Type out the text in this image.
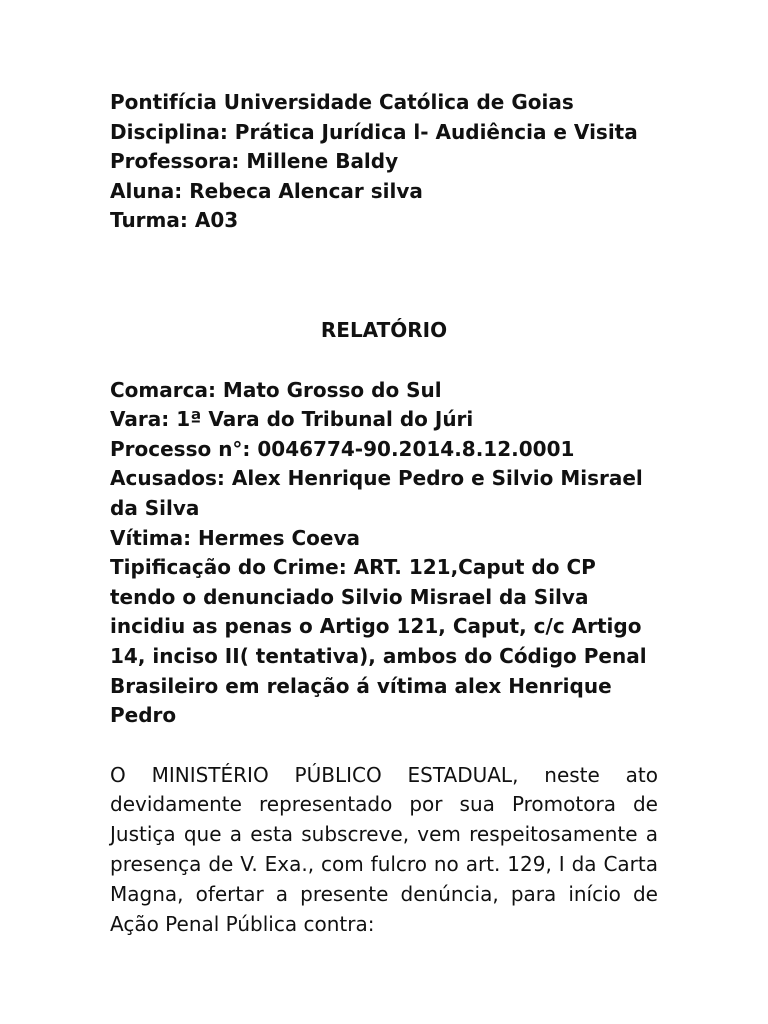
Pontifícia Universidade Católica de Goias
Disciplina: Prática Jurídica l- Audiência e Visita
Professora: Millene Baldy
Aluna: Rebeca Alencar silva
Turma: A03
RELATÓRIO
Comarca: Mato Grosso do Sul
Vara: 1ª Vara do Tribunal do Júri
Processo n°: 0046774-90.2014.8.12.0001
Acusados: Alex Henrique Pedro e Silvio Misrael da Silva
Vítima: Hermes Coeva
Tipificação do Crime: ART. 121,Caput do CP tendo o denunciado Silvio Misrael da Silva incidiu as penas o Artigo 121, Caput, c/c Artigo 14, inciso II( tentativa), ambos do Código Penal Brasileiro em relação á vítima alex Henrique Pedro
O MINISTÉRIO PÚBLICO ESTADUAL, neste ato devidamente representado por sua Promotora de Justiça que a esta subscreve, vem respeitosamente a presença de V. Exa., com fulcro no art. 129, I da Carta Magna, ofertar a presente denúncia, para início de Ação Penal Pública contra:
